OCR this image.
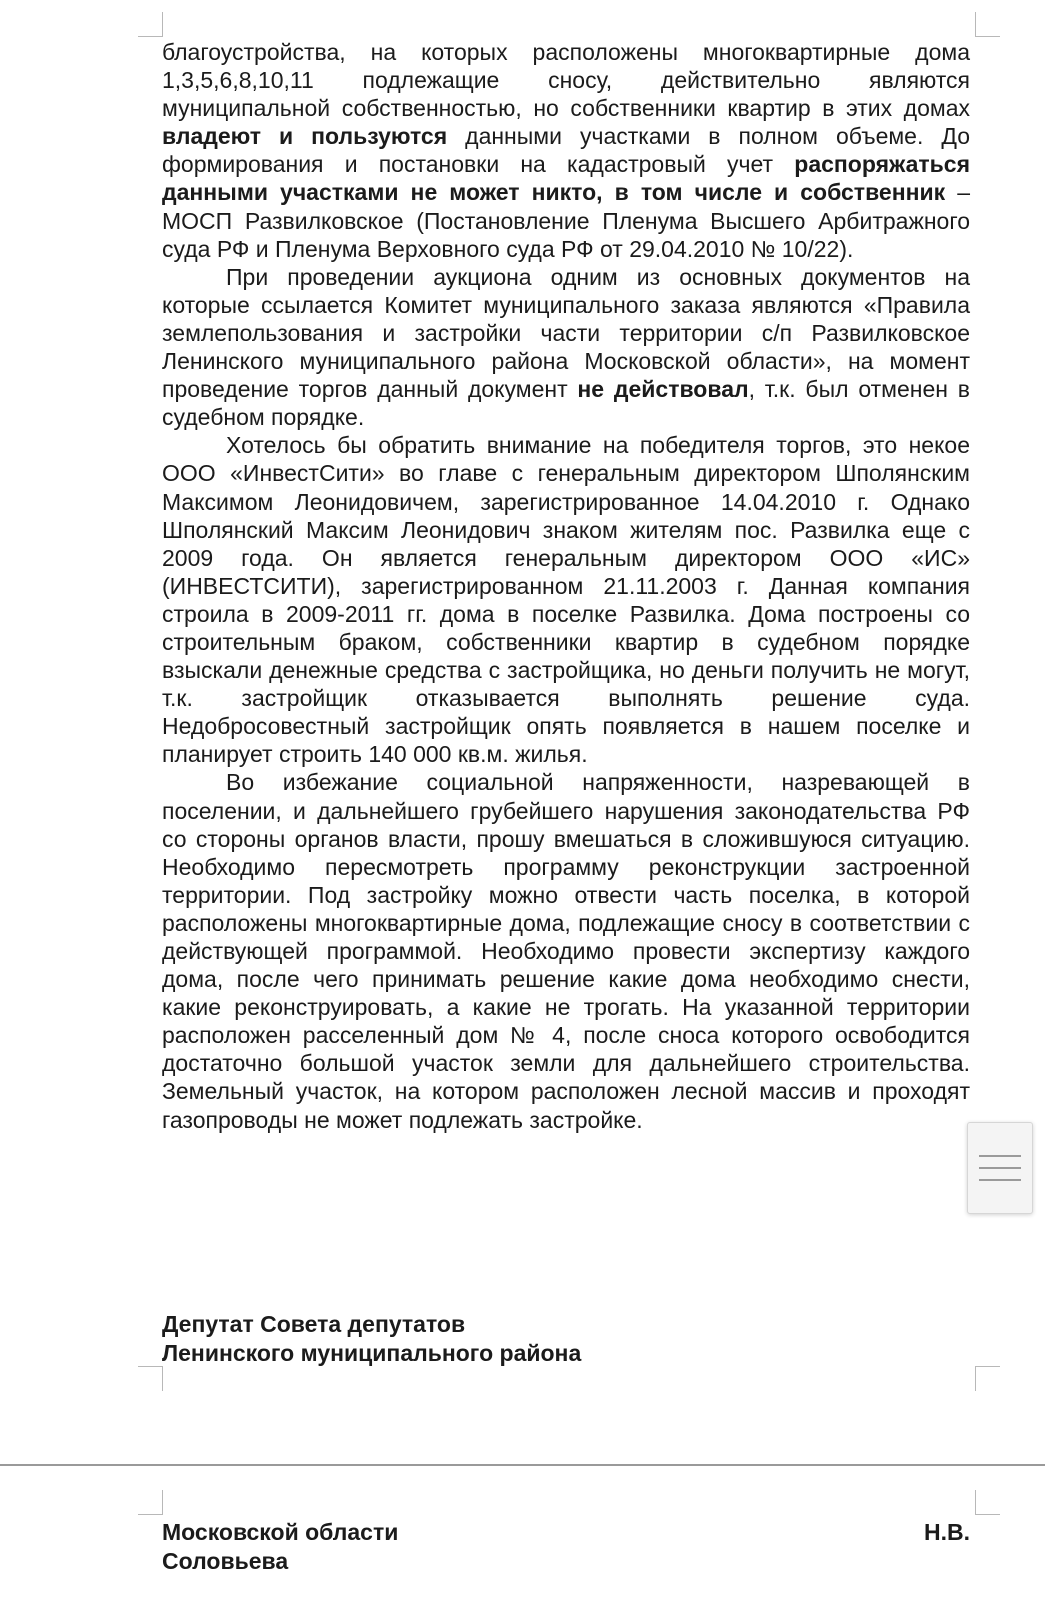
благоустройства, на которых расположены многоквартирные дома 1,3,5,6,8,10,11 подлежащие сносу, действительно являются муниципальной собственностью, но собственники квартир в этих домах владеют и пользуются данными участками в полном объеме. До формирования и постановки на кадастровый учет распоряжаться данными участками не может никто, в том числе и собственник – МОСП Развилковское (Постановление Пленума Высшего Арбитражного суда РФ и Пленума Верховного суда РФ от 29.04.2010 № 10/22).

При проведении аукциона одним из основных документов на которые ссылается Комитет муниципального заказа являются «Правила землепользования и застройки части территории с/п Развилковское Ленинского муниципального района Московской области», на момент проведение торгов данный документ не действовал, т.к. был отменен в судебном порядке.

Хотелось бы обратить внимание на победителя торгов, это некое ООО «ИнвестСити» во главе с генеральным директором Шполянским Максимом Леонидовичем, зарегистрированное 14.04.2010 г. Однако Шполянский Максим Леонидович знаком жителям пос. Развилка еще с 2009 года. Он является генеральным директором ООО «ИС» (ИНВЕСТСИТИ), зарегистрированном 21.11.2003 г. Данная компания строила в 2009-2011 гг. дома в поселке Развилка. Дома построены со строительным браком, собственники квартир в судебном порядке взыскали денежные средства с застройщика, но деньги получить не могут, т.к. застройщик отказывается выполнять решение суда. Недобросовестный застройщик опять появляется в нашем поселке и планирует строить 140 000 кв.м. жилья.

Во избежание социальной напряженности, назревающей в поселении, и дальнейшего грубейшего нарушения законодательства РФ со стороны органов власти, прошу вмешаться в сложившуюся ситуацию. Необходимо пересмотреть программу реконструкции застроенной территории. Под застройку можно отвести часть поселка, в которой расположены многоквартирные дома, подлежащие сносу в соответствии с действующей программой. Необходимо провести экспертизу каждого дома, после чего принимать решение какие дома необходимо снести, какие реконструировать, а какие не трогать. На указанной территории расположен расселенный дом № 4, после сноса которого освободится достаточно большой участок земли для дальнейшего строительства. Земельный участок, на котором расположен лесной массив и проходят газопроводы не может подлежать застройке.

Депутат Совета депутатов
Ленинского муниципального района
Московской области
Соловьева
Н.В.
